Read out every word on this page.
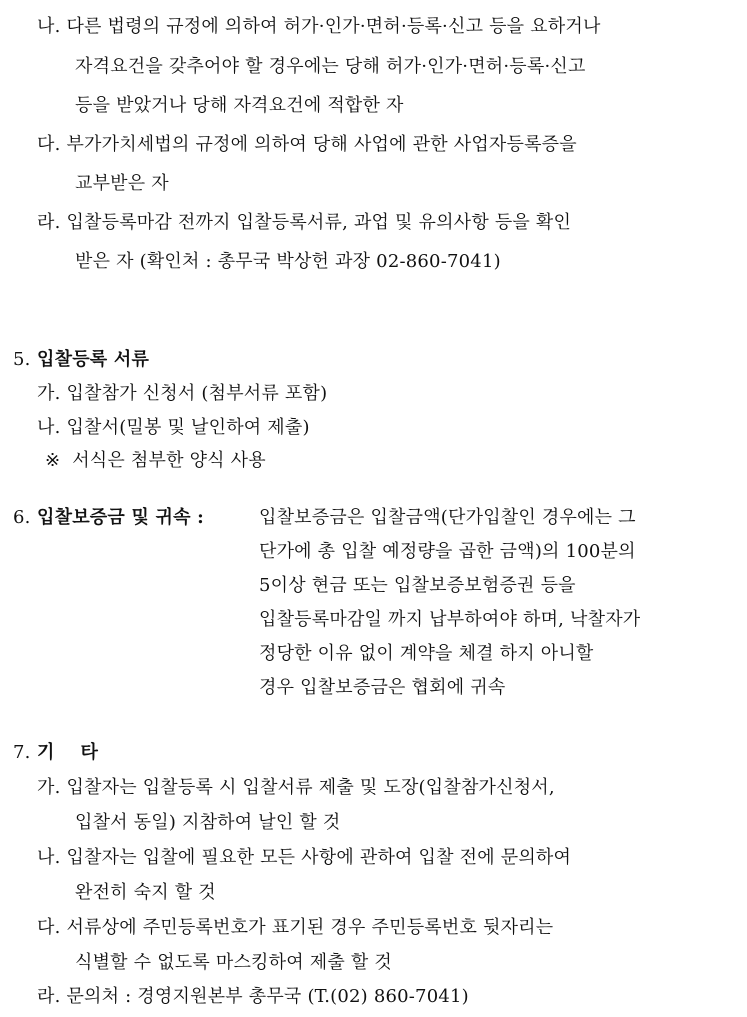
나. 다른 법령의 규정에 의하여 허가·인가·면허·등록·신고 등을 요하거나
자격요건을 갖추어야 할 경우에는 당해 허가·인가·면허·등록·신고
등을 받았거나 당해 자격요건에 적합한 자
다. 부가가치세법의 규정에 의하여 당해 사업에 관한 사업자등록증을
교부받은 자
라. 입찰등록마감 전까지 입찰등록서류, 과업 및 유의사항 등을 확인
받은 자 (확인처 : 총무국 박상헌 과장 02-860-7041)
5. 입찰등록 서류
가. 입찰참가 신청서 (첨부서류 포함)
나. 입찰서(밀봉 및 날인하여 제출)
※ 서식은 첨부한 양식 사용
6. 입찰보증금 및 귀속 :	입찰보증금은 입찰금액(단가입찰인 경우에는 그
단가에 총 입찰 예정량을 곱한 금액)의 100분의
5이상 현금 또는 입찰보증보험증권 등을
입찰등록마감일 까지 납부하여야 하며, 낙찰자가
정당한 이유 없이 계약을 체결 하지 아니할
경우 입찰보증금은 협회에 귀속
7. 기    타
가. 입찰자는 입찰등록 시 입찰서류 제출 및 도장(입찰참가신청서,
입찰서 동일) 지참하여 날인 할 것
나. 입찰자는 입찰에 필요한 모든 사항에 관하여 입찰 전에 문의하여
완전히 숙지 할 것
다. 서류상에 주민등록번호가 표기된 경우 주민등록번호 뒷자리는
식별할 수 없도록 마스킹하여 제출 할 것
라. 문의처 : 경영지원본부 총무국 (T.(02) 860-7041)
